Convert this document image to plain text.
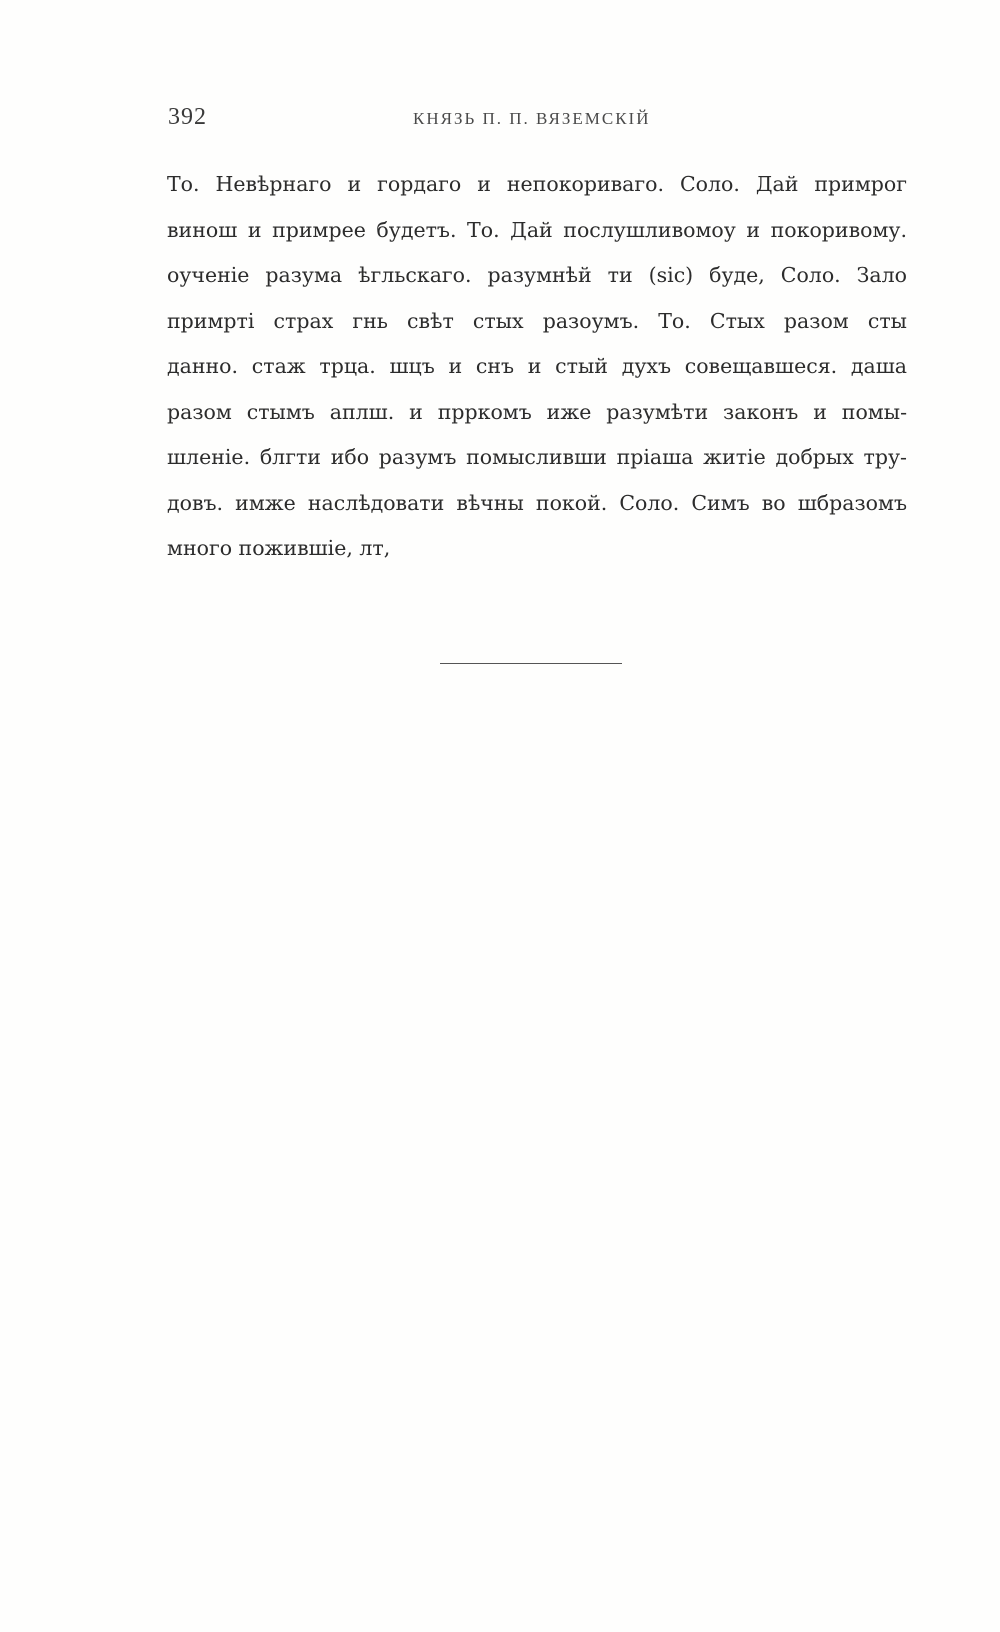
392	КНЯЗЬ П. П. ВЯЗЕМСКІЙ
То. Невѣрнаго и гордаго и непокориваго. Соло. Дай примрог
винош и примрее будетъ. То. Дай послушливомоу и покоривому.
оученіе разума ѣгльскаго. разумнѣй ти (sic) буде, Соло. Зало
примрті страх гнь свѣт стых разоумъ. То. Стых разом сты
данно. стаж трца. шцъ и снъ и стый духъ совещавшеся. даша
разом стымъ аплш. и прркомъ иже разумѣти законъ и помы-
шленіе. блгти ибо разумъ помысливши пріаша житіе добрых тру-
довъ. имже наслѣдовати вѣчны покой. Соло. Симъ во шбразомъ
много пожившіе, лт,
